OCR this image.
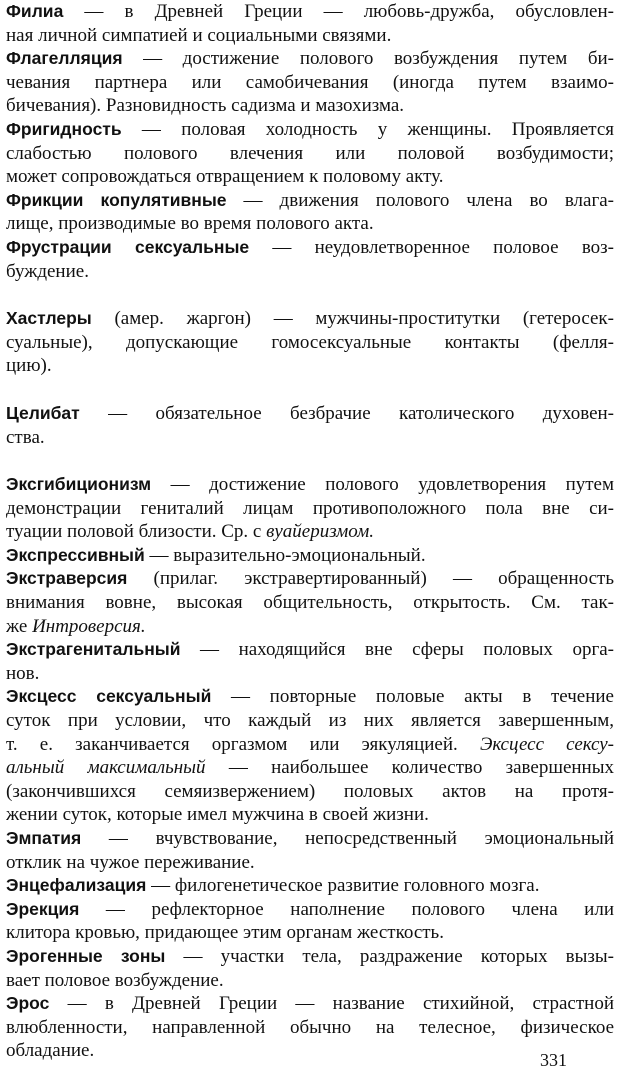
Филиа — в Древней Греции — любовь-дружба, обусловлен-
ная личной симпатией и социальными связями.
Флагелляция — достижение полового возбуждения путем би-
чевания партнера или самобичевания (иногда путем взаимо-
бичевания). Разновидность садизма и мазохизма.
Фригидность — половая холодность у женщины. Проявляется
слабостью полового влечения или половой возбудимости;
может сопровождаться отвращением к половому акту.
Фрикции копулятивные — движения полового члена во влага-
лище, производимые во время полового акта.
Фрустрации сексуальные — неудовлетворенное половое воз-
буждение.
Хастлеры (амер. жаргон) — мужчины-проститутки (гетеросек-
суальные), допускающие гомосексуальные контакты (фелля-
цию).
Целибат — обязательное безбрачие католического духовен-
ства.
Эксгибиционизм — достижение полового удовлетворения путем
демонстрации гениталий лицам противоположного пола вне си-
туации половой близости. Ср. с вуайеризмом.
Экспрессивный — выразительно-эмоциональный.
Экстраверсия (прилаг. экстравертированный) — обращенность
внимания вовне, высокая общительность, открытость. См. так-
же Интроверсия.
Экстрагенитальный — находящийся вне сферы половых орга-
нов.
Эксцесс сексуальный — повторные половые акты в течение
суток при условии, что каждый из них является завершенным,
т. е. заканчивается оргазмом или эякуляцией. Эксцесс сексу-
альный максимальный — наибольшее количество завершенных
(закончившихся семяизвержением) половых актов на протя-
жении суток, которые имел мужчина в своей жизни.
Эмпатия — вчувствование, непосредственный эмоциональный
отклик на чужое переживание.
Энцефализация — филогенетическое развитие головного мозга.
Эрекция — рефлекторное наполнение полового члена или
клитора кровью, придающее этим органам жесткость.
Эрогенные зоны — участки тела, раздражение которых вызы-
вает половое возбуждение.
Эрос — в Древней Греции — название стихийной, страстной
влюбленности, направленной обычно на телесное, физическое
обладание.	331
